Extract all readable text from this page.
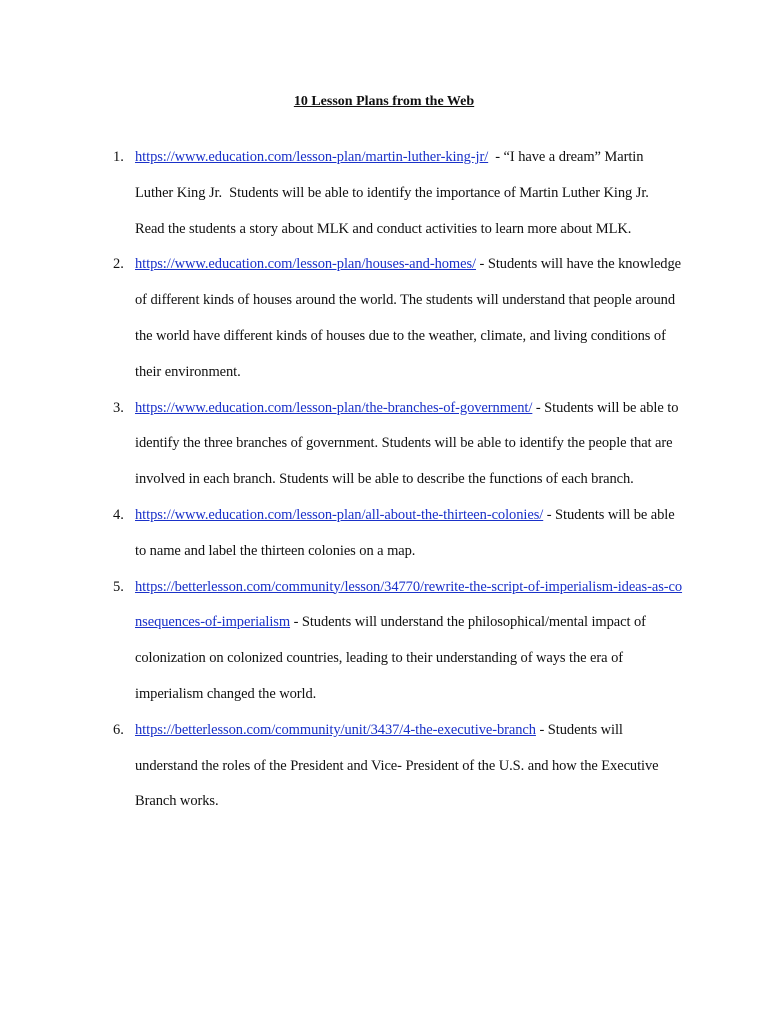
10 Lesson Plans from the Web
1. https://www.education.com/lesson-plan/martin-luther-king-jr/  - “I have a dream” Martin Luther King Jr.  Students will be able to identify the importance of Martin Luther King Jr.  Read the students a story about MLK and conduct activities to learn more about MLK.
2. https://www.education.com/lesson-plan/houses-and-homes/ - Students will have the knowledge of different kinds of houses around the world. The students will understand that people around the world have different kinds of houses due to the weather, climate, and living conditions of their environment.
3. https://www.education.com/lesson-plan/the-branches-of-government/ - Students will be able to identify the three branches of government. Students will be able to identify the people that are involved in each branch. Students will be able to describe the functions of each branch.
4. https://www.education.com/lesson-plan/all-about-the-thirteen-colonies/ - Students will be able to name and label the thirteen colonies on a map.
5. https://betterlesson.com/community/lesson/34770/rewrite-the-script-of-imperialism-ideas-as-consequences-of-imperialism - Students will understand the philosophical/mental impact of colonization on colonized countries, leading to their understanding of ways the era of imperialism changed the world.
6. https://betterlesson.com/community/unit/3437/4-the-executive-branch - Students will understand the roles of the President and Vice- President of the U.S. and how the Executive Branch works.
